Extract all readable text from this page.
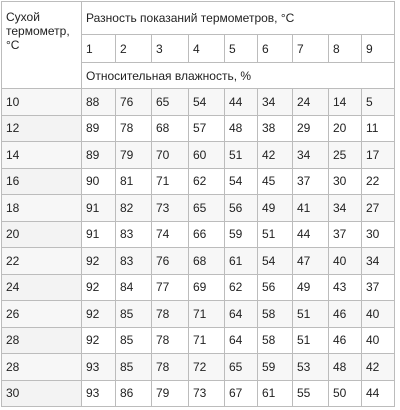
Сухой термометр, °С	Разность показаний термометров, °С								
	1	2	3	4	5	6	7	8	9
	Относительная влажность, %								
10	88	76	65	54	44	34	24	14	5
12	89	78	68	57	48	38	29	20	11
14	89	79	70	60	51	42	34	25	17
16	90	81	71	62	54	45	37	30	22
18	91	82	73	65	56	49	41	34	27
20	91	83	74	66	59	51	44	37	30
22	92	83	76	68	61	54	47	40	34
24	92	84	77	69	62	56	49	43	37
26	92	85	78	71	64	58	51	46	40
28	92	85	78	71	64	58	51	46	40
28	93	85	78	72	65	59	53	48	42
30	93	86	79	73	67	61	55	50	44
